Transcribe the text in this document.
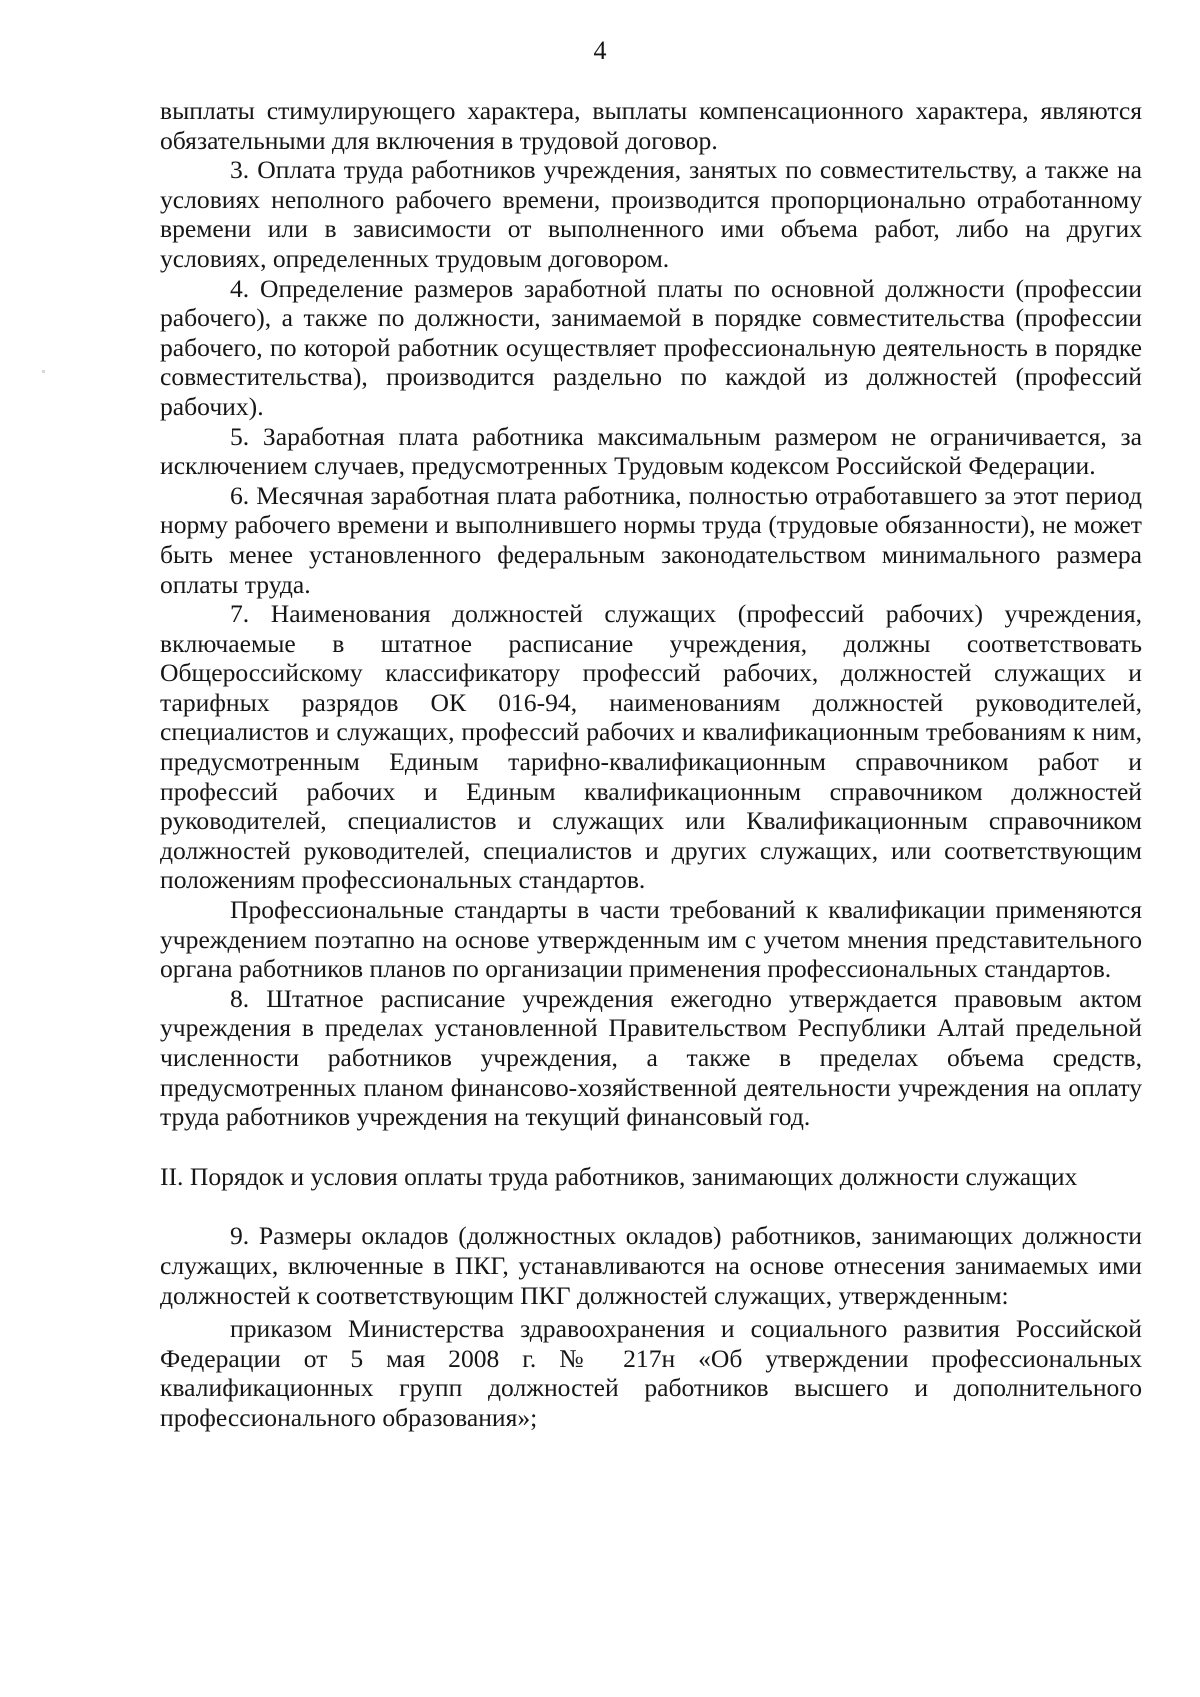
4

выплаты стимулирующего характера, выплаты компенсационного характера, являются обязательными для включения в трудовой договор.

3. Оплата труда работников учреждения, занятых по совместительству, а также на условиях неполного рабочего времени, производится пропорционально отработанному времени или в зависимости от выполненного ими объема работ, либо на других условиях, определенных трудовым договором.

4. Определение размеров заработной платы по основной должности (профессии рабочего), а также по должности, занимаемой в порядке совместительства (профессии рабочего, по которой работник осуществляет профессиональную деятельность в порядке совместительства), производится раздельно по каждой из должностей (профессий рабочих).

5. Заработная плата работника максимальным размером не ограничивается, за исключением случаев, предусмотренных Трудовым кодексом Российской Федерации.

6. Месячная заработная плата работника, полностью отработавшего за этот период норму рабочего времени и выполнившего нормы труда (трудовые обязанности), не может быть менее установленного федеральным законодательством минимального размера оплаты труда.

7. Наименования должностей служащих (профессий рабочих) учреждения, включаемые в штатное расписание учреждения, должны соответствовать Общероссийскому классификатору профессий рабочих, должностей служащих и тарифных разрядов ОК 016-94, наименованиям должностей руководителей, специалистов и служащих, профессий рабочих и квалификационным требованиям к ним, предусмотренным Единым тарифно-квалификационным справочником работ и профессий рабочих и Единым квалификационным справочником должностей руководителей, специалистов и служащих или Квалификационным справочником должностей руководителей, специалистов и других служащих, или соответствующим положениям профессиональных стандартов.

Профессиональные стандарты в части требований к квалификации применяются учреждением поэтапно на основе утвержденным им с учетом мнения представительного органа работников планов по организации применения профессиональных стандартов.

8. Штатное расписание учреждения ежегодно утверждается правовым актом учреждения в пределах установленной Правительством Республики Алтай предельной численности работников учреждения, а также в пределах объема средств, предусмотренных планом финансово-хозяйственной деятельности учреждения на оплату труда работников учреждения на текущий финансовый год.

II. Порядок и условия оплаты труда работников, занимающих должности служащих

9. Размеры окладов (должностных окладов) работников, занимающих должности служащих, включенные в ПКГ, устанавливаются на основе отнесения занимаемых ими должностей к соответствующим ПКГ должностей служащих, утвержденным:

приказом Министерства здравоохранения и социального развития Российской Федерации от 5 мая 2008 г. № 217н «Об утверждении профессиональных квалификационных групп должностей работников высшего и дополнительного профессионального образования»;
